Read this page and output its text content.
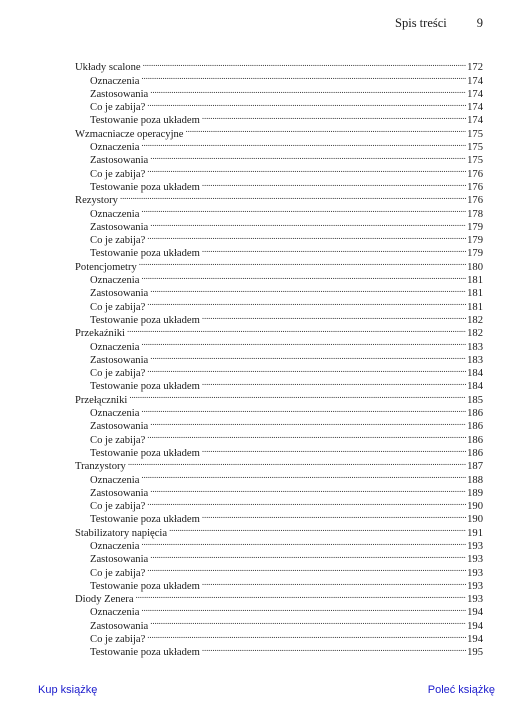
Spis treści 9
Układy scalone . . .	172
Oznaczenia . . .	174
Zastosowania . . .	174
Co je zabija? . . .	174
Testowanie poza układem . . .	174
Wzmacniacze operacyjne . . .	175
Oznaczenia . . .	175
Zastosowania . . .	175
Co je zabija? . . .	176
Testowanie poza układem . . .	176
Rezystory . . .	176
Oznaczenia . . .	178
Zastosowania . . .	179
Co je zabija? . . .	179
Testowanie poza układem . . .	179
Potencjometry . . .	180
Oznaczenia . . .	181
Zastosowania . . .	181
Co je zabija? . . .	181
Testowanie poza układem . . .	182
Przekaźniki . . .	182
Oznaczenia . . .	183
Zastosowania . . .	183
Co je zabija? . . .	184
Testowanie poza układem . . .	184
Przełączniki . . .	185
Oznaczenia . . .	186
Zastosowania . . .	186
Co je zabija? . . .	186
Testowanie poza układem . . .	186
Tranzystory . . .	187
Oznaczenia . . .	188
Zastosowania . . .	189
Co je zabija? . . .	190
Testowanie poza układem . . .	190
Stabilizatory napięcia . . .	191
Oznaczenia . . .	193
Zastosowania . . .	193
Co je zabija? . . .	193
Testowanie poza układem . . .	193
Diody Zenera . . .	193
Oznaczenia . . .	194
Zastosowania . . .	194
Co je zabija? . . .	194
Testowanie poza układem . . .	195
Kup książkę	Poleć książkę
